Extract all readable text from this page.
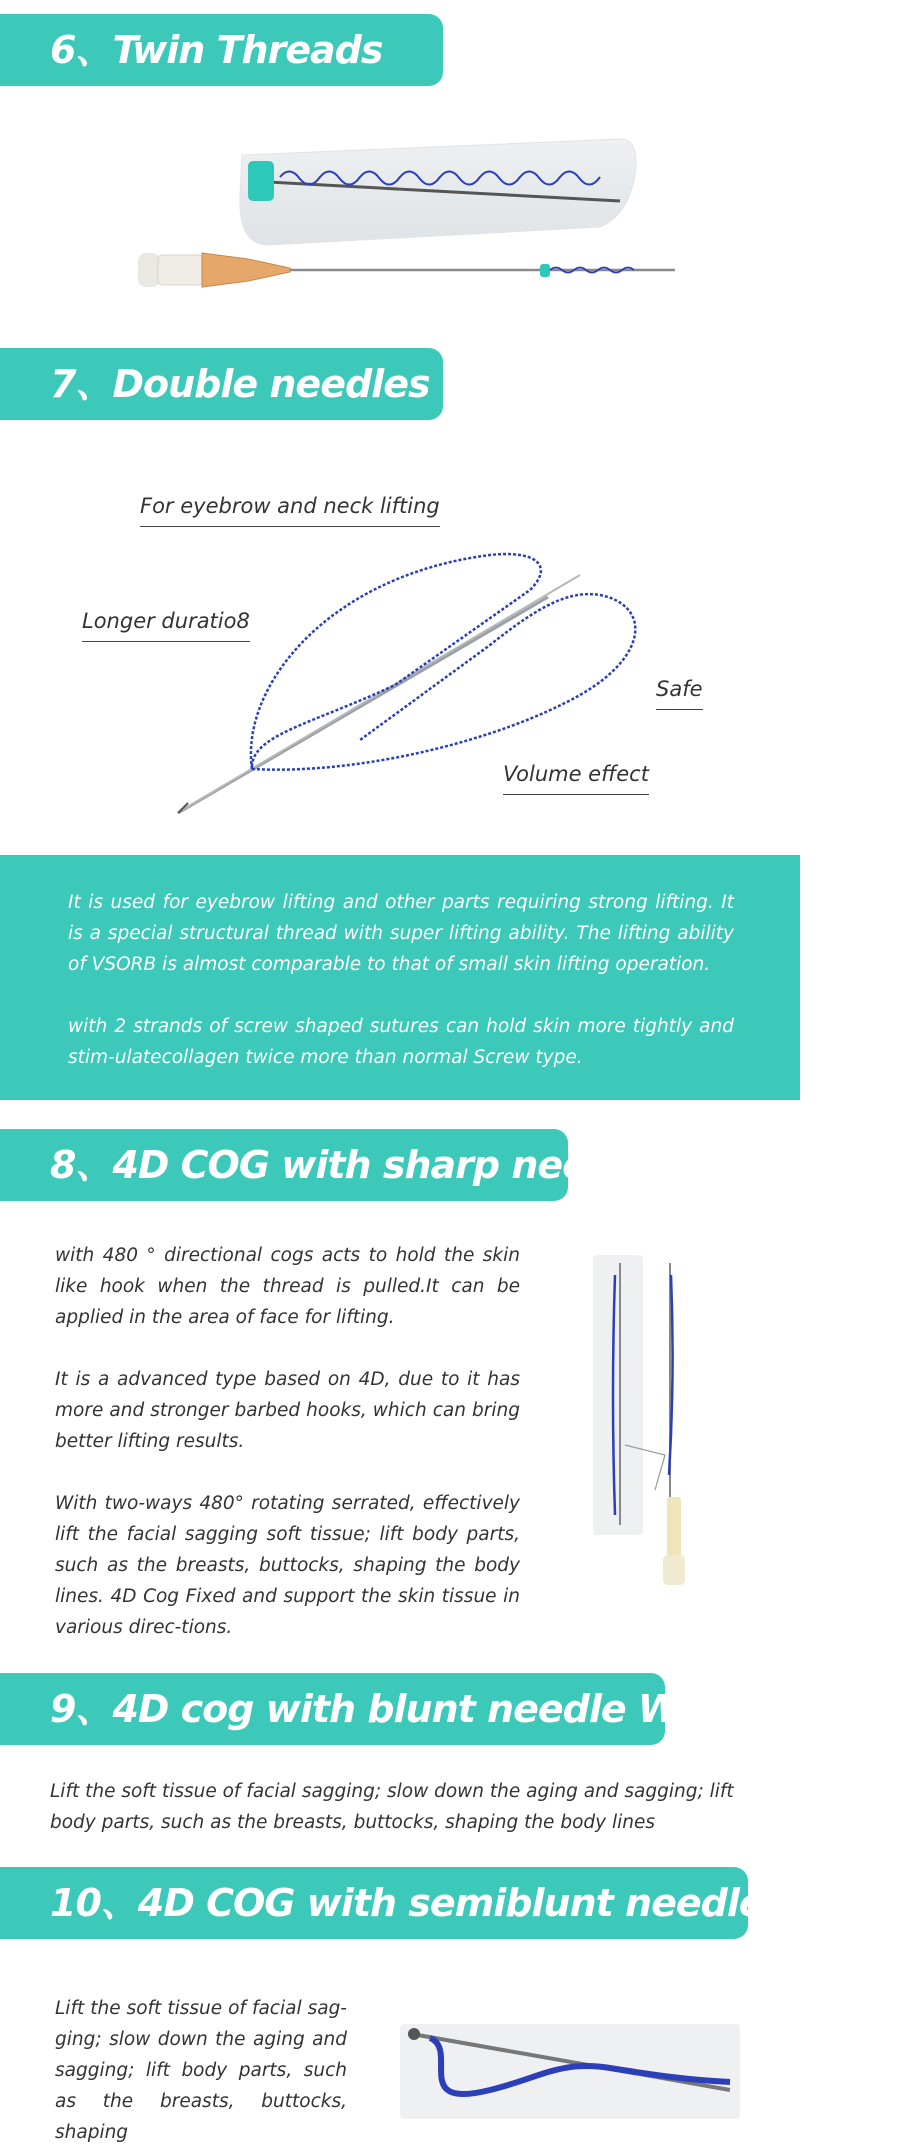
6、Twin Threads
7、Double needles
For eyebrow and neck lifting
Longer duratio8
Safe
Volume effect

It is used for eyebrow lifting and other parts requiring strong lifting. It is a special structural thread with super lifting ability. The lifting ability of VSORB is almost comparable to that of small skin lifting operation.

with 2 strands of screw shaped sutures can hold skin more tightly and stim-ulatecollagen twice more than normal Screw type.

8、4D COG with sharp needle

with 480 ° directional cogs acts to hold the skin like hook when the thread is pulled.It can be applied in the area of face for lifting.

It is a advanced type based on 4D, due to it has more and stronger barbed hooks, which can bring better lifting results.

With two-ways 480° rotating serrated, effectively lift the facial sagging soft tissue; lift body parts, such as the breasts, buttocks, shaping the body lines. 4D Cog Fixed and support the skin tissue in various direc-tions.

9、4D cog with blunt needle W type
Lift the soft tissue of facial sagging; slow down the aging and sagging; lift body parts, such as the breasts, buttocks, shaping the body lines
10、4D COG with semiblunt needle L type
Lift the soft tissue of facial sag-ging; slow down the aging and sagging; lift body parts, such as the breasts, buttocks, shaping
